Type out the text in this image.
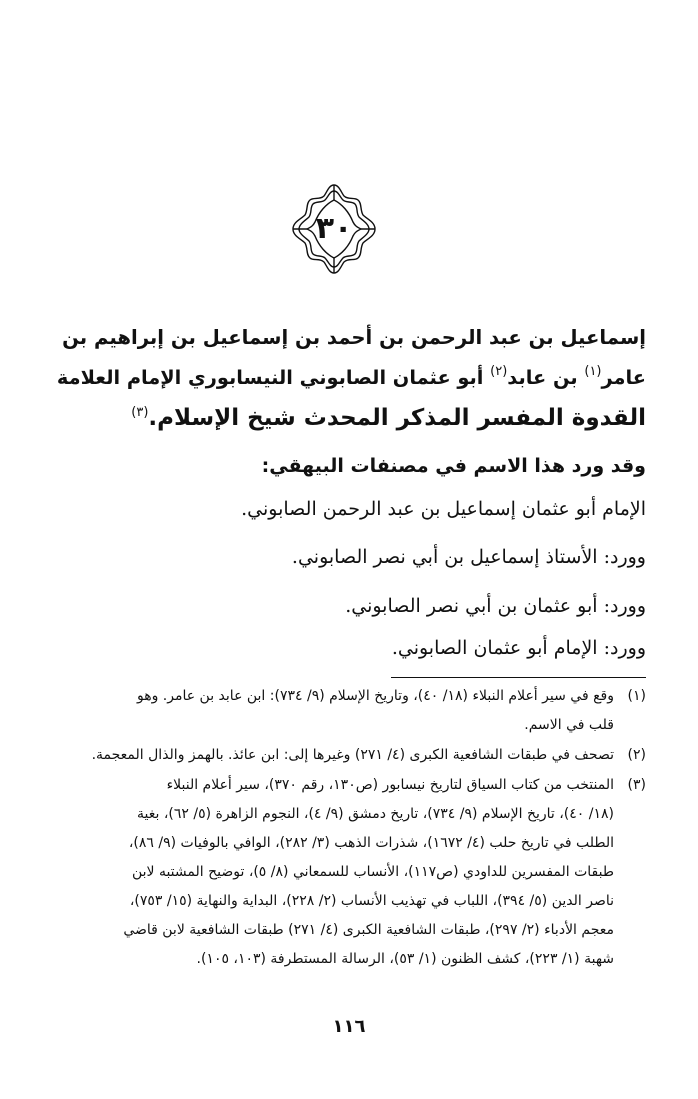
٣٠
إسماعيل بن عبد الرحمن بن أحمد بن إسماعيل بن إبراهيم بن
عامر$^{(١)}$ بن عابد$^{(٢)}$ أبو عثمان الصابوني النيسابوري الإمام العلامة
القدوة المفسر المذكر المحدث شيخ الإسلام.$^{(٣)}$
وقد ورد هذا الاسم في مصنفات البيهقي:
الإمام أبو عثمان إسماعيل بن عبد الرحمن الصابوني.
وورد: الأستاذ إسماعيل بن أبي نصر الصابوني.
وورد: أبو عثمان بن أبي نصر الصابوني.
وورد: الإمام أبو عثمان الصابوني.
(١)وقع في سير أعلام النبلاء (١٨/ ٤٠)، وتاريخ الإسلام (٩/ ٧٣٤): ابن عابد بن عامر. وهو
قلب في الاسم.
(٢)تصحف في طبقات الشافعية الكبرى (٤/ ٢٧١) وغيرها إلى: ابن عائذ. بالهمز والذال المعجمة.
(٣)المنتخب من كتاب السياق لتاريخ نيسابور (ص١٣٠، رقم ٣٧٠)، سير أعلام النبلاء
(١٨/ ٤٠)، تاريخ الإسلام (٩/ ٧٣٤)، تاريخ دمشق (٩/ ٤)، النجوم الزاهرة (٥/ ٦٢)، بغية
الطلب في تاريخ حلب (٤/ ١٦٧٢)، شذرات الذهب (٣/ ٢٨٢)، الوافي بالوفيات (٩/ ٨٦)،
طبقات المفسرين للداودي (ص١١٧)، الأنساب للسمعاني (٨/ ٥)، توضيح المشتبه لابن
ناصر الدين (٥/ ٣٩٤)، اللباب في تهذيب الأنساب (٢/ ٢٢٨)، البداية والنهاية (١٥/ ٧٥٣)،
معجم الأدباء (٢/ ٢٩٧)، طبقات الشافعية الكبرى (٤/ ٢٧١) طبقات الشافعية لابن قاضي
شهبة (١/ ٢٢٣)، كشف الظنون (١/ ٥٣)، الرسالة المستطرفة (١٠٣، ١٠٥).
١١٦
